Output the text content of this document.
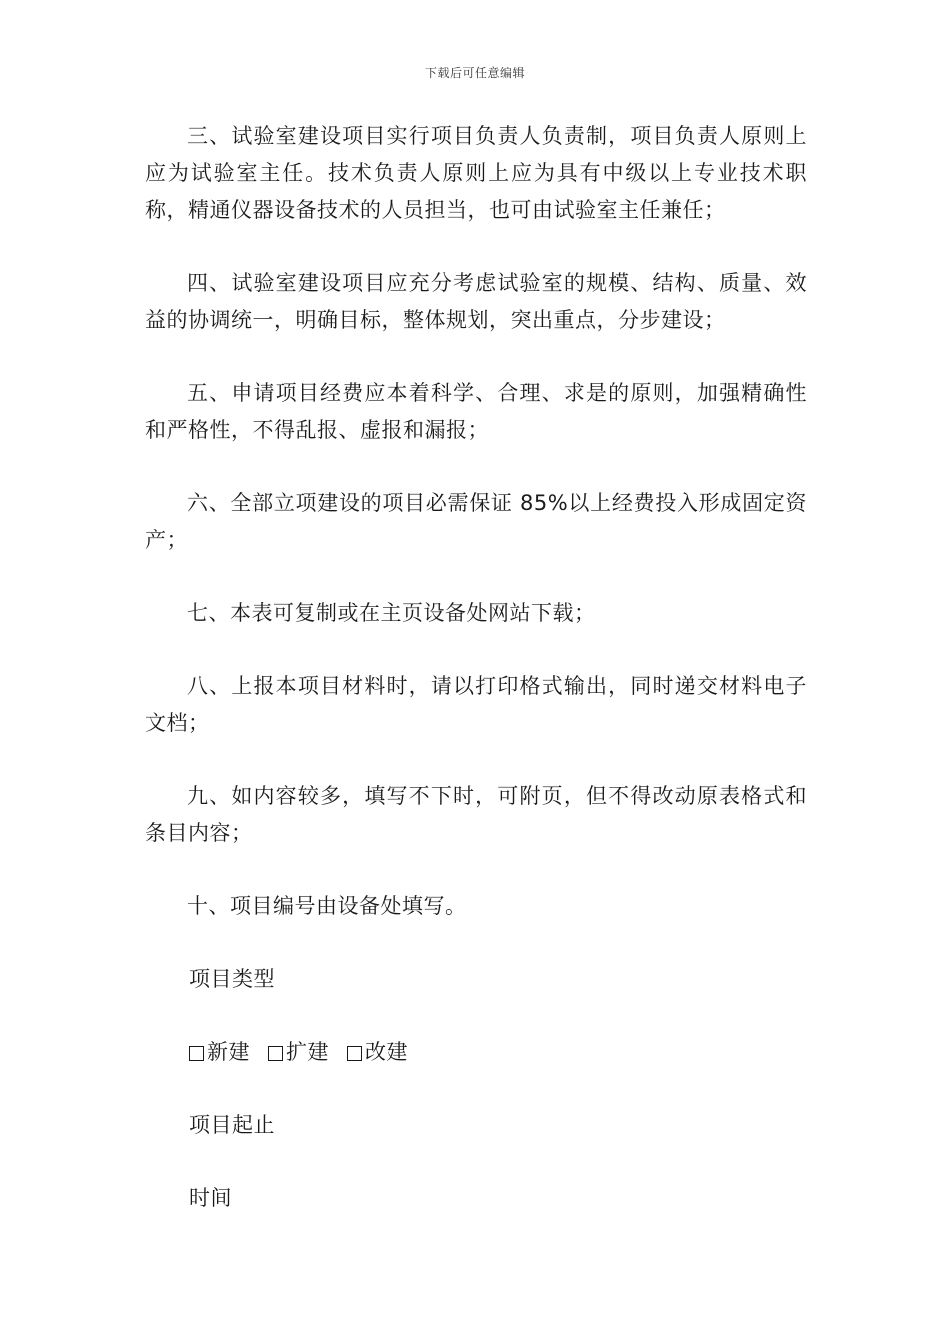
下载后可任意编辑

三、试验室建设项目实行项目负责人负责制，项目负责人原则上应为试验室主任。技术负责人原则上应为具有中级以上专业技术职称，精通仪器设备技术的人员担当，也可由试验室主任兼任；

四、试验室建设项目应充分考虑试验室的规模、结构、质量、效益的协调统一，明确目标，整体规划，突出重点，分步建设；

五、申请项目经费应本着科学、合理、求是的原则，加强精确性和严格性，不得乱报、虚报和漏报；

六、全部立项建设的项目必需保证 85%以上经费投入形成固定资产；

七、本表可复制或在主页设备处网站下载；

八、上报本项目材料时，请以打印格式输出，同时递交材料电子文档；

九、如内容较多，填写不下时，可附页，但不得改动原表格式和条目内容；

十、项目编号由设备处填写。

项目类型
新建 扩建 改建
项目起止
时间
